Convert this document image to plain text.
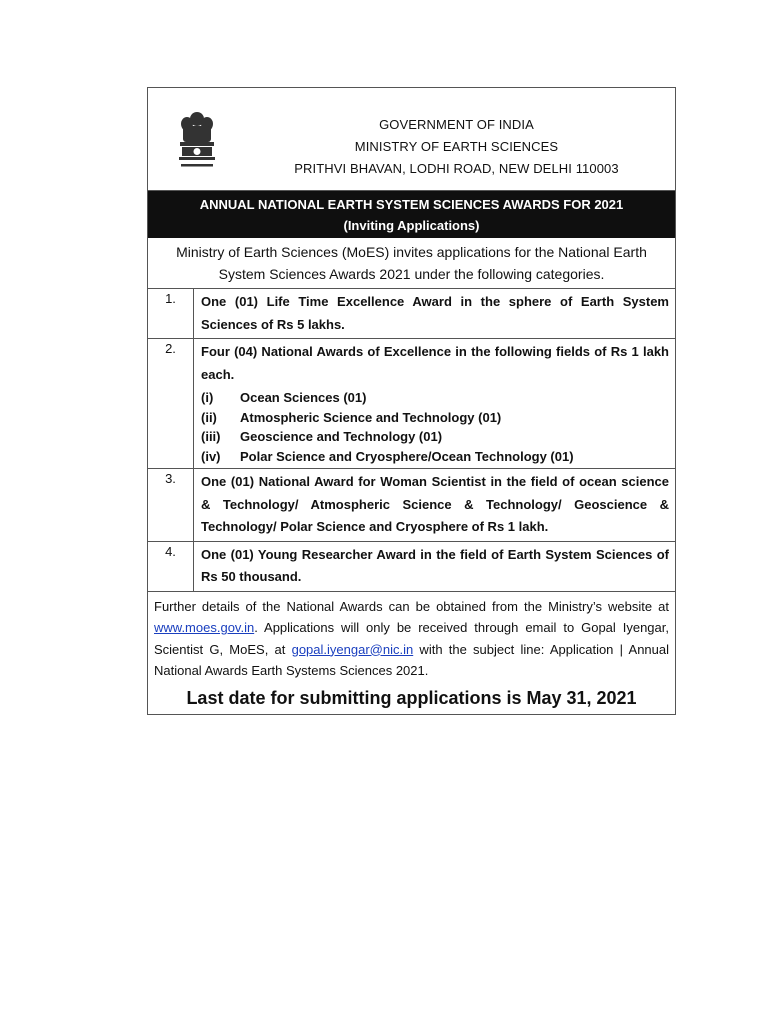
GOVERNMENT OF INDIA
MINISTRY OF EARTH SCIENCES
PRITHVI BHAVAN, LODHI ROAD, NEW DELHI 110003
ANNUAL NATIONAL EARTH SYSTEM SCIENCES AWARDS FOR 2021
(Inviting Applications)
Ministry of Earth Sciences (MoES) invites applications for the National Earth System Sciences Awards 2021 under the following categories.
1.	One (01) Life Time Excellence Award in the sphere of Earth System Sciences of Rs 5 lakhs.
2.	Four (04) National Awards of Excellence in the following fields of Rs 1 lakh each.
(i)	Ocean Sciences (01)
(ii)	Atmospheric Science and Technology (01)
(iii)	Geoscience and Technology (01)
(iv)	Polar Science and Cryosphere/Ocean Technology (01)
3.	One (01) National Award for Woman Scientist in the field of ocean science & Technology/ Atmospheric Science & Technology/ Geoscience & Technology/ Polar Science and Cryosphere of Rs 1 lakh.
4.	One (01) Young Researcher Award in the field of Earth System Sciences of Rs 50 thousand.
Further details of the National Awards can be obtained from the Ministry’s website at www.moes.gov.in. Applications will only be received through email to Gopal Iyengar, Scientist G, MoES, at gopal.iyengar@nic.in with the subject line: Application | Annual National Awards Earth Systems Sciences 2021.
Last date for submitting applications is May 31, 2021
